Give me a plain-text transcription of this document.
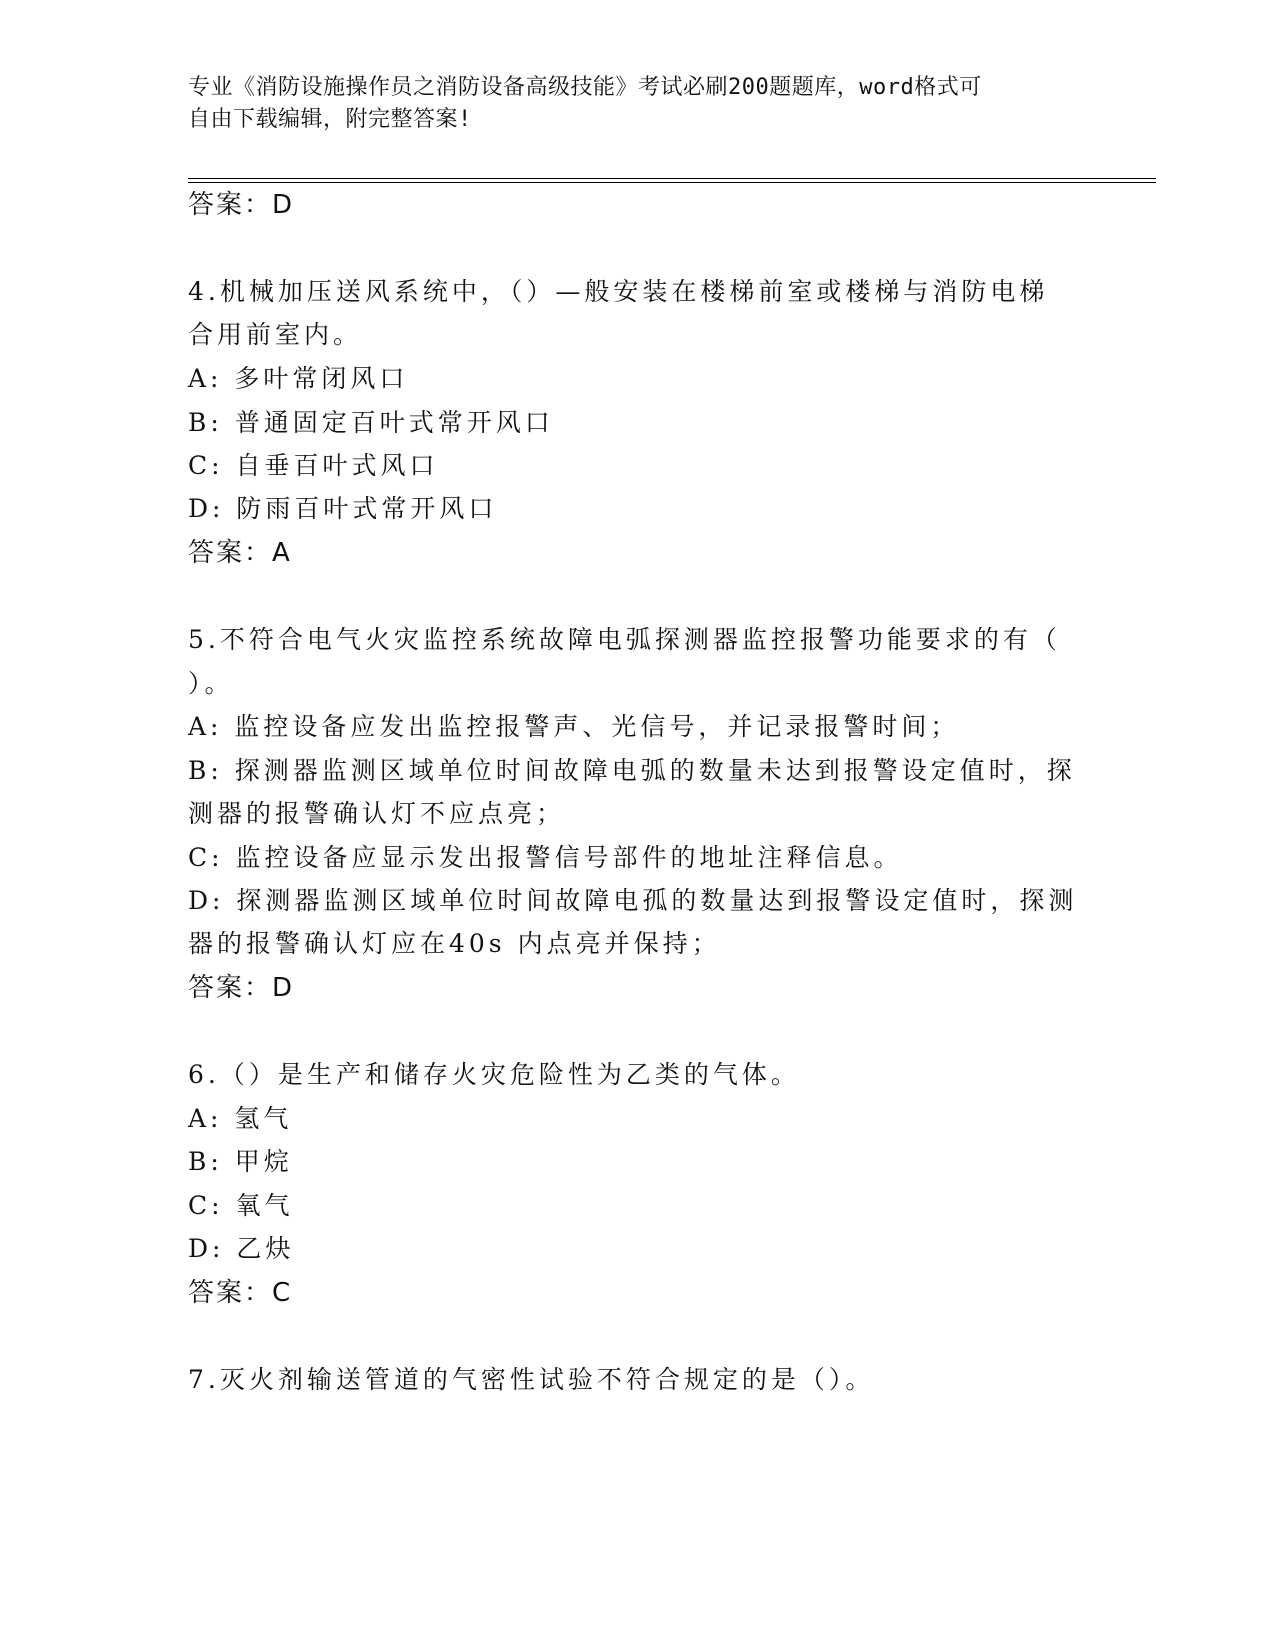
专业《消防设施操作员之消防设备高级技能》考试必刷200题题库，word格式可
自由下载编辑，附完整答案!
答案：D
4.机械加压送风系统中，（）—般安装在楼梯前室或楼梯与消防电梯
合用前室内。
A: 多叶常闭风口
B: 普通固定百叶式常开风口
C: 自垂百叶式风口
D: 防雨百叶式常开风口
答案：A
5.不符合电气火灾监控系统故障电弧探测器监控报警功能要求的有（
）。
A: 监控设备应发出监控报警声、光信号，并记录报警时间；
B: 探测器监测区域单位时间故障电弧的数量未达到报警设定值时，探
测器的报警确认灯不应点亮；
C: 监控设备应显示发出报警信号部件的地址注释信息。
D: 探测器监测区域单位时间故障电孤的数量达到报警设定值时，探测
器的报警确认灯应在40s 内点亮并保持；
答案：D
6.（）是生产和储存火灾危险性为乙类的气体。
A: 氢气
B: 甲烷
C: 氧气
D: 乙炔
答案：C
7.灭火剂输送管道的气密性试验不符合规定的是（）。
